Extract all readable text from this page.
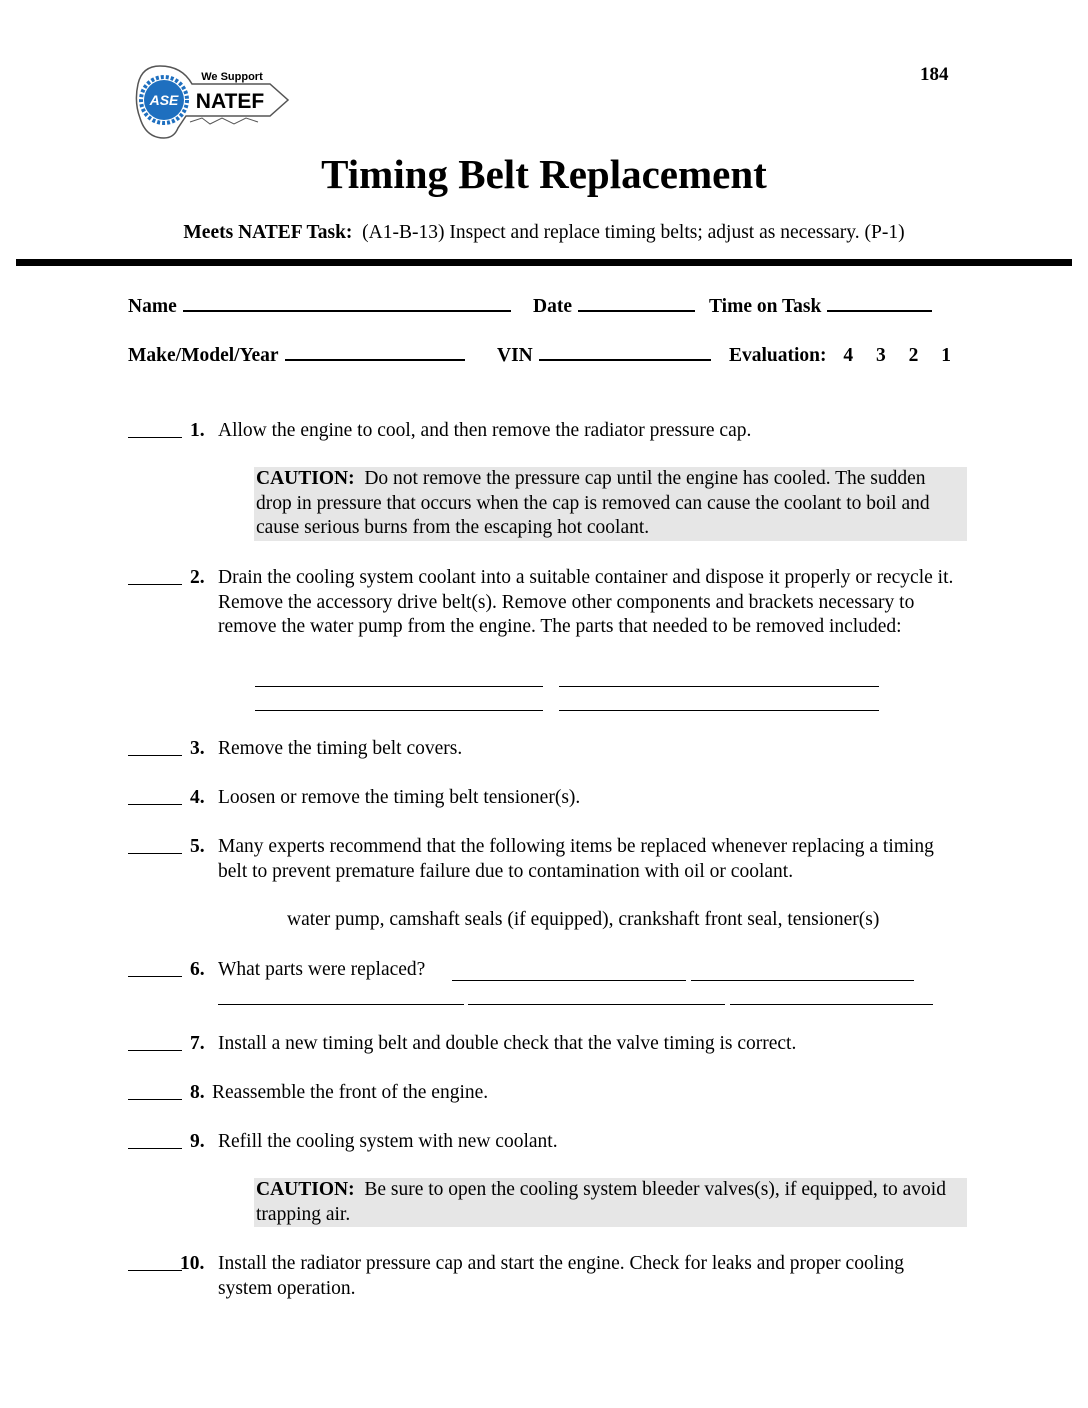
ASE
We Support
NATEF
184
Timing Belt Replacement
Meets NATEF Task: (A1-B-13) Inspect and replace timing belts; adjust as necessary. (P-1)
Name	Date	Time on Task
Make/Model/Year	VIN	Evaluation: 4 3 2 1
1. Allow the engine to cool, and then remove the radiator pressure cap.
CAUTION: Do not remove the pressure cap until the engine has cooled. The sudden drop in pressure that occurs when the cap is removed can cause the coolant to boil and cause serious burns from the escaping hot coolant.
2. Drain the cooling system coolant into a suitable container and dispose it properly or recycle it. Remove the accessory drive belt(s). Remove other components and brackets necessary to remove the water pump from the engine. The parts that needed to be removed included:
3. Remove the timing belt covers.
4. Loosen or remove the timing belt tensioner(s).
5. Many experts recommend that the following items be replaced whenever replacing a timing belt to prevent premature failure due to contamination with oil or coolant.
water pump, camshaft seals (if equipped), crankshaft front seal, tensioner(s)
6. What parts were replaced?
7. Install a new timing belt and double check that the valve timing is correct.
8. Reassemble the front of the engine.
9. Refill the cooling system with new coolant.
CAUTION: Be sure to open the cooling system bleeder valves(s), if equipped, to avoid trapping air.
10. Install the radiator pressure cap and start the engine. Check for leaks and proper cooling system operation.
